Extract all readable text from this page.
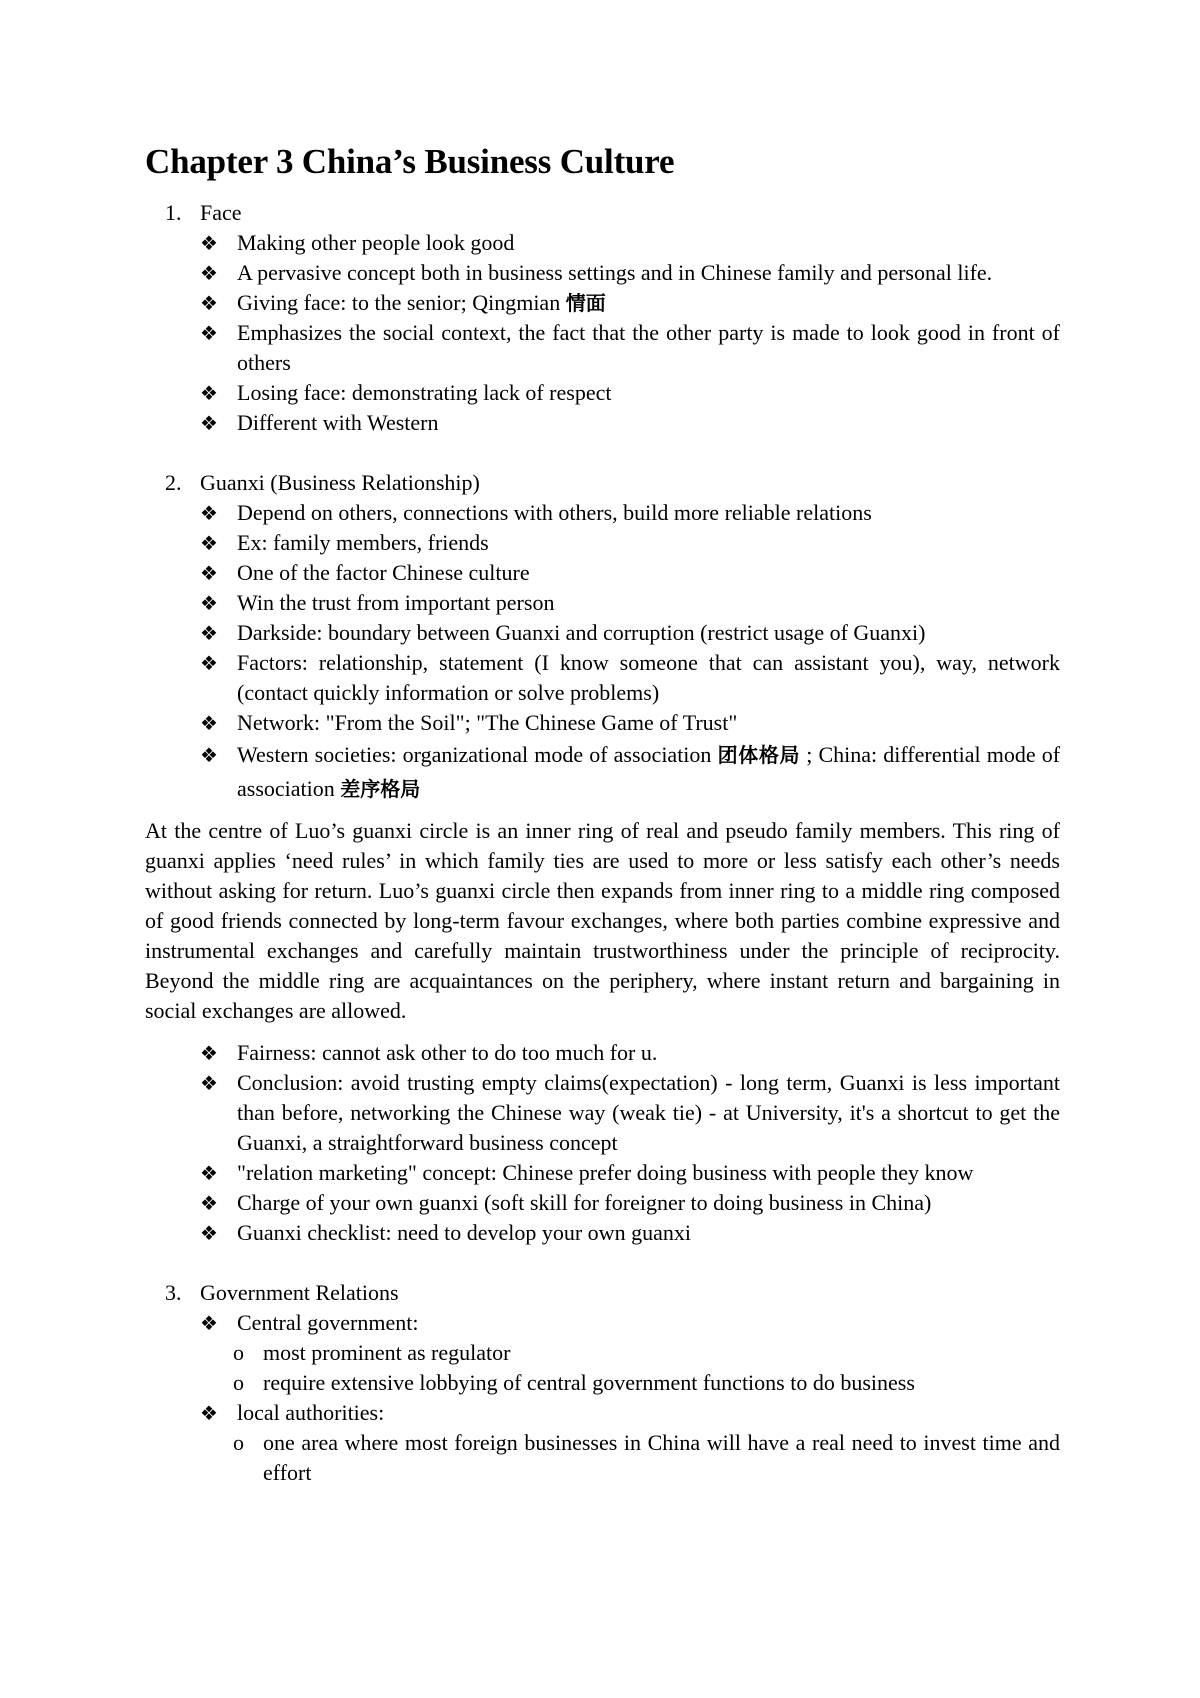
Chapter 3 China’s Business Culture
1. Face
❖ Making other people look good
❖ A pervasive concept both in business settings and in Chinese family and personal life.
❖ Giving face: to the senior; Qingmian 情面
❖ Emphasizes the social context, the fact that the other party is made to look good in front of others
❖ Losing face: demonstrating lack of respect
❖ Different with Western
2. Guanxi (Business Relationship)
❖ Depend on others, connections with others, build more reliable relations
❖ Ex: family members, friends
❖ One of the factor Chinese culture
❖ Win the trust from important person
❖ Darkside: boundary between Guanxi and corruption (restrict usage of Guanxi)
❖ Factors: relationship, statement (I know someone that can assistant you), way, network (contact quickly information or solve problems)
❖ Network: "From the Soil"; "The Chinese Game of Trust"
❖ Western societies: organizational mode of association 团体格局 ; China: differential mode of association 差序格局

At the centre of Luo’s guanxi circle is an inner ring of real and pseudo family members. This ring of guanxi applies ‘need rules’ in which family ties are used to more or less satisfy each other’s needs without asking for return. Luo’s guanxi circle then expands from inner ring to a middle ring composed of good friends connected by long-term favour exchanges, where both parties combine expressive and instrumental exchanges and carefully maintain trustworthiness under the principle of reciprocity. Beyond the middle ring are acquaintances on the periphery, where instant return and bargaining in social exchanges are allowed.

❖ Fairness: cannot ask other to do too much for u.
❖ Conclusion: avoid trusting empty claims(expectation) - long term, Guanxi is less important than before, networking the Chinese way (weak tie) - at University, it's a shortcut to get the Guanxi, a straightforward business concept
❖ "relation marketing" concept: Chinese prefer doing business with people they know
❖ Charge of your own guanxi (soft skill for foreigner to doing business in China)
❖ Guanxi checklist: need to develop your own guanxi
3. Government Relations
❖ Central government:
o most prominent as regulator
o require extensive lobbying of central government functions to do business
❖ local authorities:
o one area where most foreign businesses in China will have a real need to invest time and effort
